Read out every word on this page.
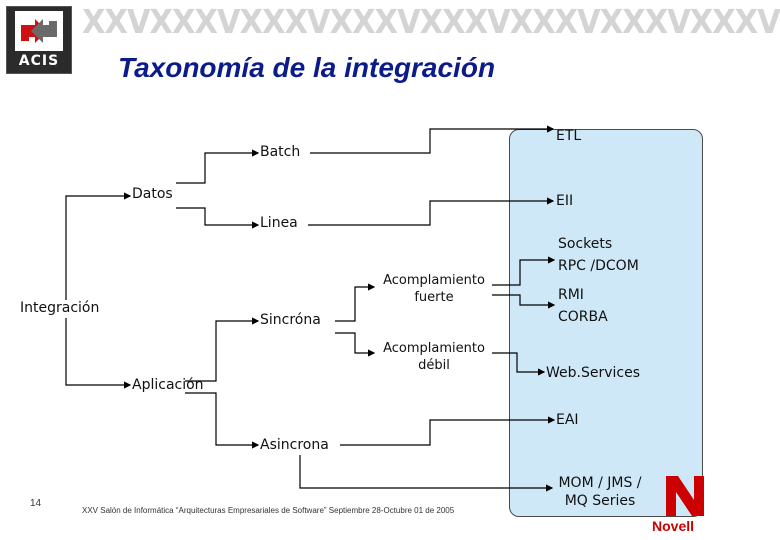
ACIS
XXVXXXVXXXVXXXVXXXVXXXVXXXVXXXV
Taxonomía de la integración
Integración
Datos
Batch
Linea
Aplicación
Sincróna
Asincrona
Acomplamiento
fuerte
Acomplamiento
débil
ETL
EII
Sockets
RPC /DCOM
RMI
CORBA
Web.Services
EAI
MOM / JMS /
MQ Series
14
XXV Salón de Informática “Arquitecturas Empresariales de Software” Septiembre 28-Octubre 01 de 2005
Novell
